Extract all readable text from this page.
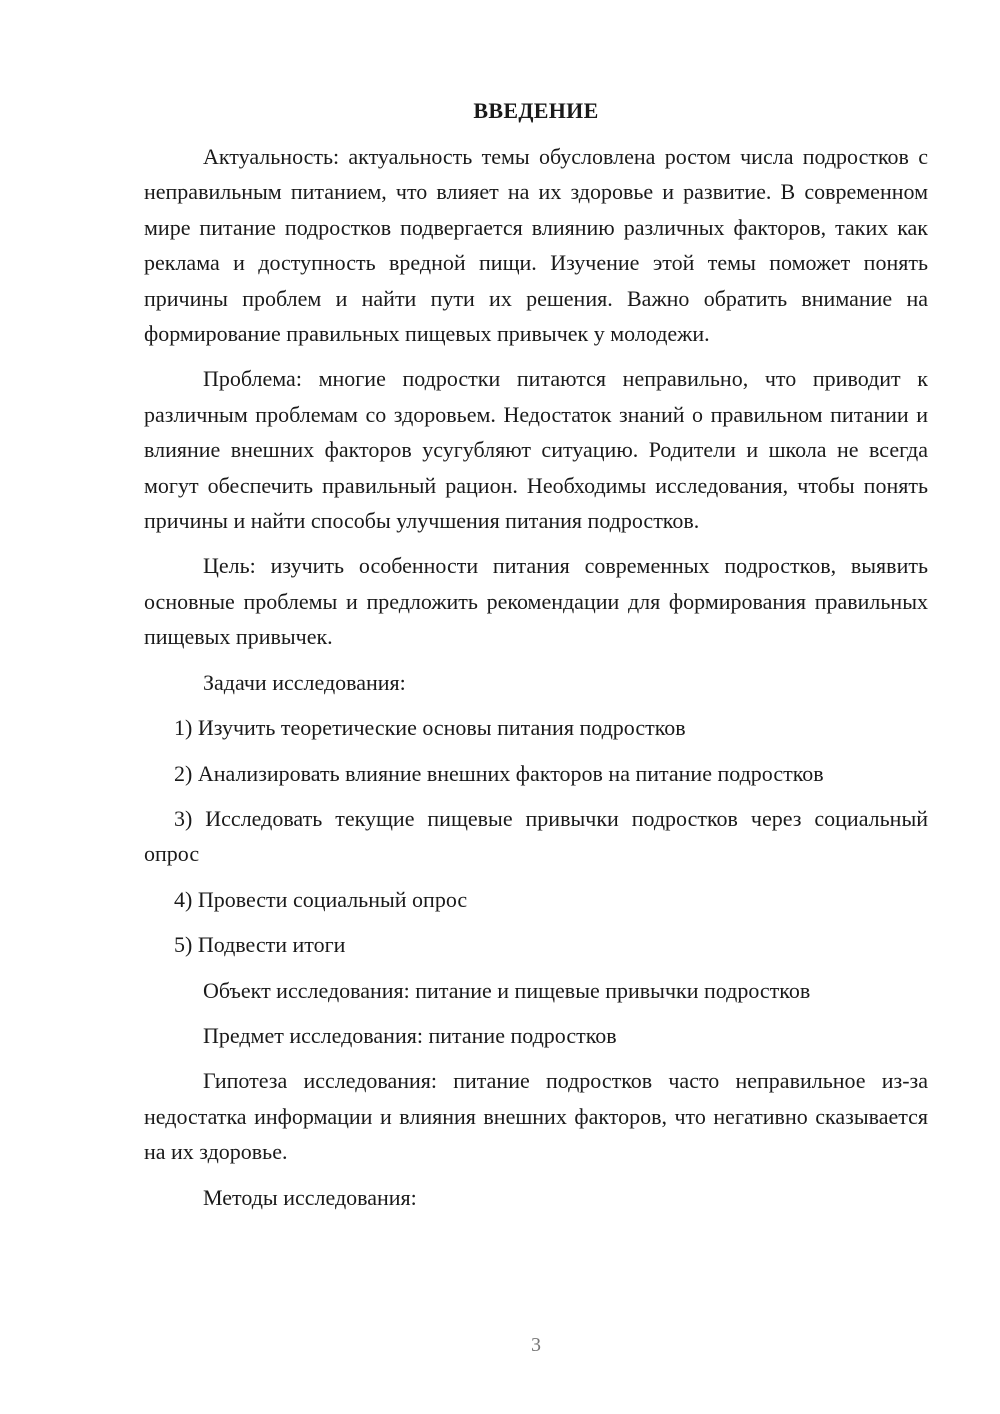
ВВЕДЕНИЕ

Актуальность: актуальность темы обусловлена ростом числа подростков с неправильным питанием, что влияет на их здоровье и развитие. В современном мире питание подростков подвергается влиянию различных факторов, таких как реклама и доступность вредной пищи. Изучение этой темы поможет понять причины проблем и найти пути их решения. Важно обратить внимание на формирование правильных пищевых привычек у молодежи.

Проблема: многие подростки питаются неправильно, что приводит к различным проблемам со здоровьем. Недостаток знаний о правильном питании и влияние внешних факторов усугубляют ситуацию. Родители и школа не всегда могут обеспечить правильный рацион. Необходимы исследования, чтобы понять причины и найти способы улучшения питания подростков.

Цель: изучить особенности питания современных подростков, выявить основные проблемы и предложить рекомендации для формирования правильных пищевых привычек.

Задачи исследования:

1) Изучить теоретические основы питания подростков

2) Анализировать влияние внешних факторов на питание подростков

3) Исследовать текущие пищевые привычки подростков через социальный опрос

4) Провести социальный опрос

5) Подвести итоги

Объект исследования: питание и пищевые привычки подростков

Предмет исследования: питание подростков

Гипотеза исследования: питание подростков часто неправильное из-за недостатка информации и влияния внешних факторов, что негативно сказывается на их здоровье.

Методы исследования:

3
